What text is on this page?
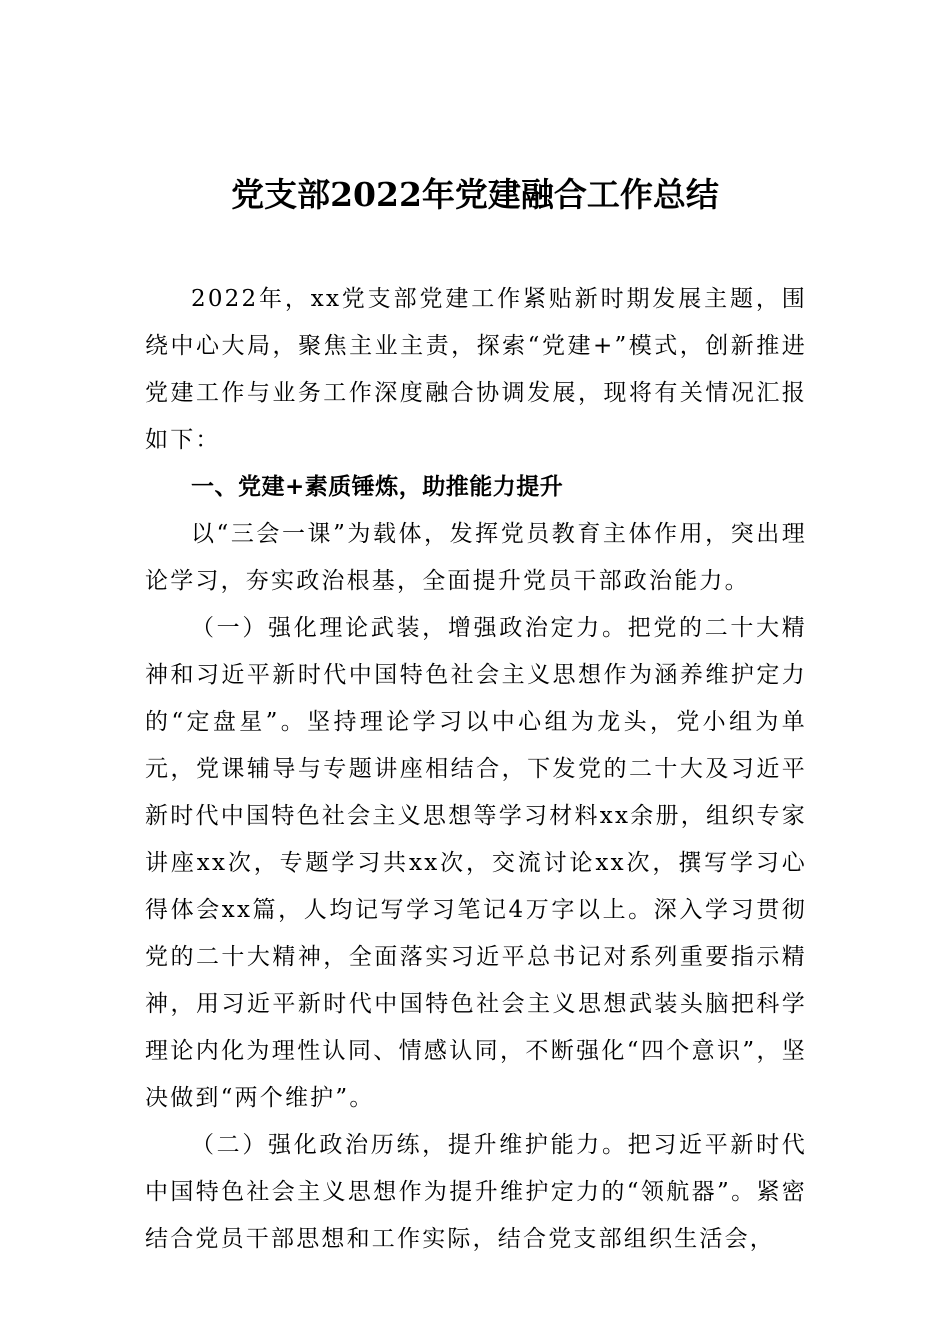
党支部2022年党建融合工作总结

2022年，xx党支部党建工作紧贴新时期发展主题，围绕中心大局，聚焦主业主责，探索“党建+”模式，创新推进党建工作与业务工作深度融合协调发展，现将有关情况汇报如下：

一、党建+素质锤炼，助推能力提升

以“三会一课”为载体，发挥党员教育主体作用，突出理论学习，夯实政治根基，全面提升党员干部政治能力。

（一）强化理论武装，增强政治定力。把党的二十大精神和习近平新时代中国特色社会主义思想作为涵养维护定力的“定盘星”。坚持理论学习以中心组为龙头，党小组为单元，党课辅导与专题讲座相结合，下发党的二十大及习近平新时代中国特色社会主义思想等学习材料xx余册，组织专家讲座xx次，专题学习共xx次，交流讨论xx次，撰写学习心得体会xx篇，人均记写学习笔记4万字以上。深入学习贯彻党的二十大精神，全面落实习近平总书记对系列重要指示精神，用习近平新时代中国特色社会主义思想武装头脑把科学理论内化为理性认同、情感认同，不断强化“四个意识”，坚决做到“两个维护”。

（二）强化政治历练，提升维护能力。把习近平新时代中国特色社会主义思想作为提升维护定力的“领航器”。紧密结合党员干部思想和工作实际，结合党支部组织生活会，
